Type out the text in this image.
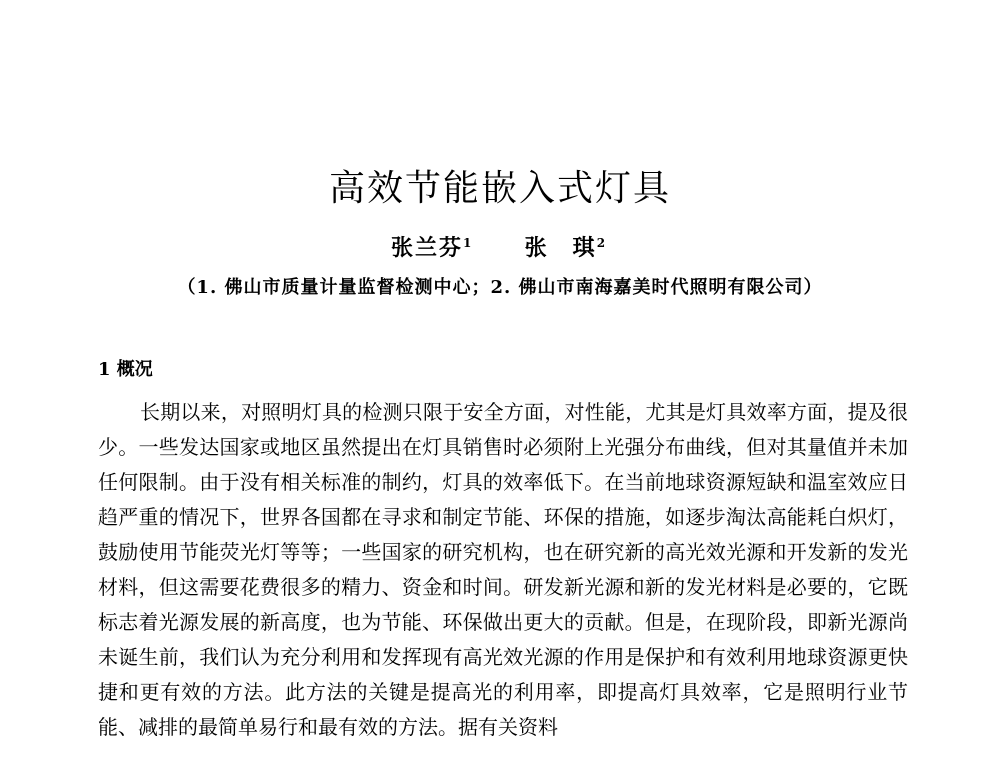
高效节能嵌入式灯具
张兰芬$^1$ 张　琪$^2$
（1. 佛山市质量计量监督检测中心；2. 佛山市南海嘉美时代照明有限公司）
1 概况

长期以来，对照明灯具的检测只限于安全方面，对性能，尤其是灯具效率方面，提及很少。一些发达国家或地区虽然提出在灯具销售时必须附上光强分布曲线，但对其量值并未加任何限制。由于没有相关标准的制约，灯具的效率低下。在当前地球资源短缺和温室效应日趋严重的情况下，世界各国都在寻求和制定节能、环保的措施，如逐步淘汰高能耗白炽灯，鼓励使用节能荧光灯等等；一些国家的研究机构，也在研究新的高光效光源和开发新的发光材料，但这需要花费很多的精力、资金和时间。研发新光源和新的发光材料是必要的，它既标志着光源发展的新高度，也为节能、环保做出更大的贡献。但是，在现阶段，即新光源尚未诞生前，我们认为充分利用和发挥现有高光效光源的作用是保护和有效利用地球资源更快捷和更有效的方法。此方法的关键是提高光的利用率，即提高灯具效率，它是照明行业节能、减排的最简单易行和最有效的方法。据有关资料
